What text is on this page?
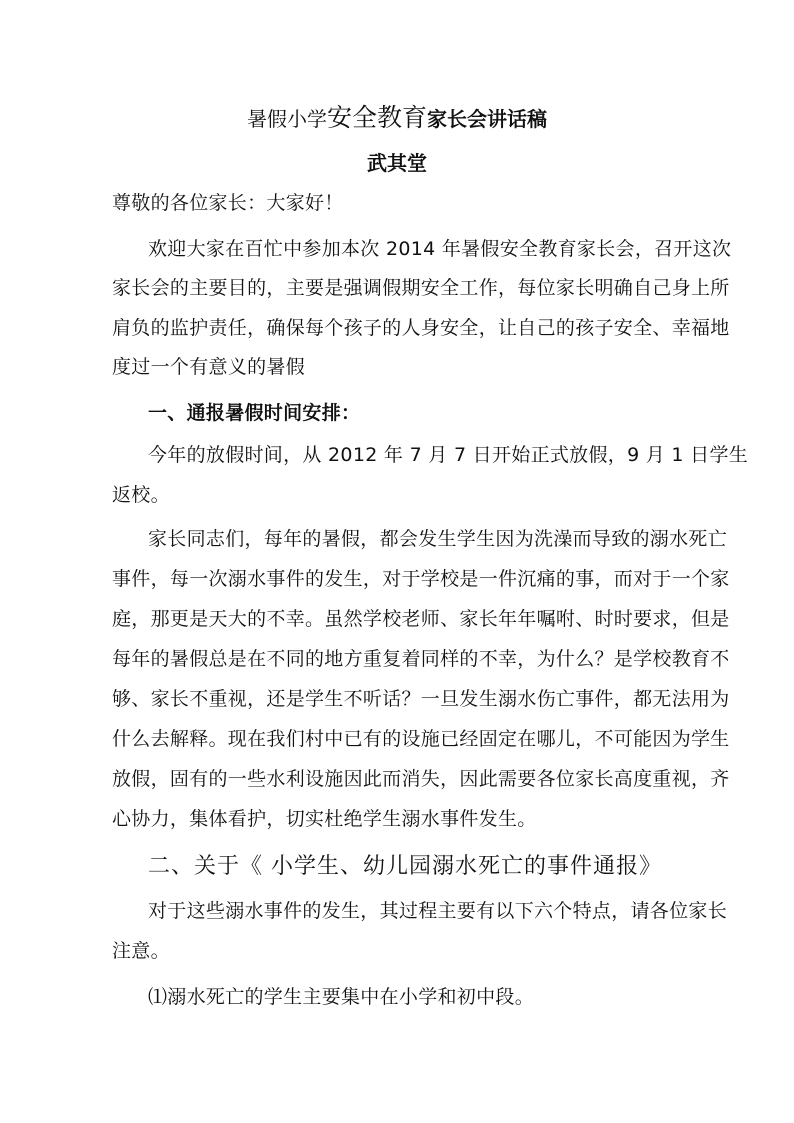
暑假小学安全教育家长会讲话稿
武其堂
尊敬的各位家长：大家好！
欢迎大家在百忙中参加本次 2014 年暑假安全教育家长会，召开这次
家长会的主要目的，主要是强调假期安全工作，每位家长明确自己身上所
肩负的监护责任，确保每个孩子的人身安全，让自己的孩子安全、幸福地
度过一个有意义的暑假
一、通报暑假时间安排：
今年的放假时间，从 2012 年 7 月 7 日开始正式放假，9 月 1 日学生
返校。
家长同志们，每年的暑假，都会发生学生因为洗澡而导致的溺水死亡
事件，每一次溺水事件的发生，对于学校是一件沉痛的事，而对于一个家
庭，那更是天大的不幸。虽然学校老师、家长年年嘱咐、时时要求，但是
每年的暑假总是在不同的地方重复着同样的不幸，为什么？是学校教育不
够、家长不重视，还是学生不听话？一旦发生溺水伤亡事件，都无法用为
什么去解释。现在我们村中已有的设施已经固定在哪儿，不可能因为学生
放假，固有的一些水利设施因此而消失，因此需要各位家长高度重视，齐
心协力，集体看护，切实杜绝学生溺水事件发生。
二、关于《 小学生、幼儿园溺水死亡的事件通报》
对于这些溺水事件的发生，其过程主要有以下六个特点，请各位家长
注意。
⑴溺水死亡的学生主要集中在小学和初中段。
